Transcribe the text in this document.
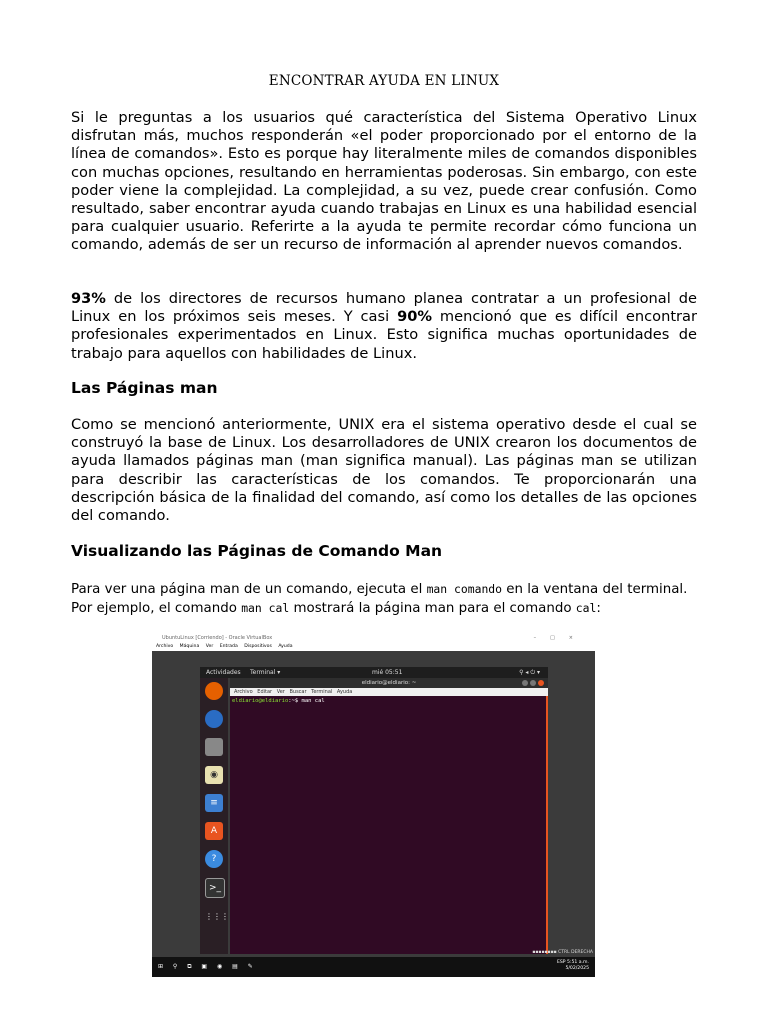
ENCONTRAR AYUDA EN LINUX
Si le preguntas a los usuarios qué característica del Sistema Operativo Linux disfrutan más, muchos responderán «el poder proporcionado por el entorno de la línea de comandos». Esto es porque hay literalmente miles de comandos disponibles con muchas opciones, resultando en herramientas poderosas. Sin embargo, con este poder viene la complejidad. La complejidad, a su vez, puede crear confusión. Como resultado, saber encontrar ayuda cuando trabajas en Linux es una habilidad esencial para cualquier usuario. Referirte a la ayuda te permite recordar cómo funciona un comando, además de ser un recurso de información al aprender nuevos comandos.
93% de los directores de recursos humano planea contratar a un profesional de Linux en los próximos seis meses. Y casi 90% mencionó que es difícil encontrar profesionales experimentados en Linux. Esto significa muchas oportunidades de trabajo para aquellos con habilidades de Linux.
Las Páginas man
Como se mencionó anteriormente, UNIX era el sistema operativo desde el cual se construyó la base de Linux. Los desarrolladores de UNIX crearon los documentos de ayuda llamados páginas man (man significa manual). Las páginas man se utilizan para describir las características de los comandos. Te proporcionarán una descripción básica de la finalidad del comando, así como los detalles de las opciones del comando.
Visualizando las Páginas de Comando Man
Para ver una página man de un comando, ejecuta el man comando en la ventana del terminal. Por ejemplo, el comando man cal mostrará la página man para el comando cal:
UbuntuLinux [Corriendo] - Oracle VirtualBox	–□×
Archivo Máquina Ver Entrada Dispositivos Ayuda
Actividades Terminal ▾	mié 05:51	⚲ ◂ ⏻ ▾
◉
≡
A
?
>_
⋮⋮⋮
eldiario@eldiario: ~
Archivo Editar Ver Buscar Terminal Ayuda
eldiario@eldiario:~$ man cal
▪▪▪▪▪▪▪▪ CTRL DERECHA
⊞ ⚲ ⧉ ▣ ◉ ▤ ✎
ESP 5:51 a.m.
5/02/2025
